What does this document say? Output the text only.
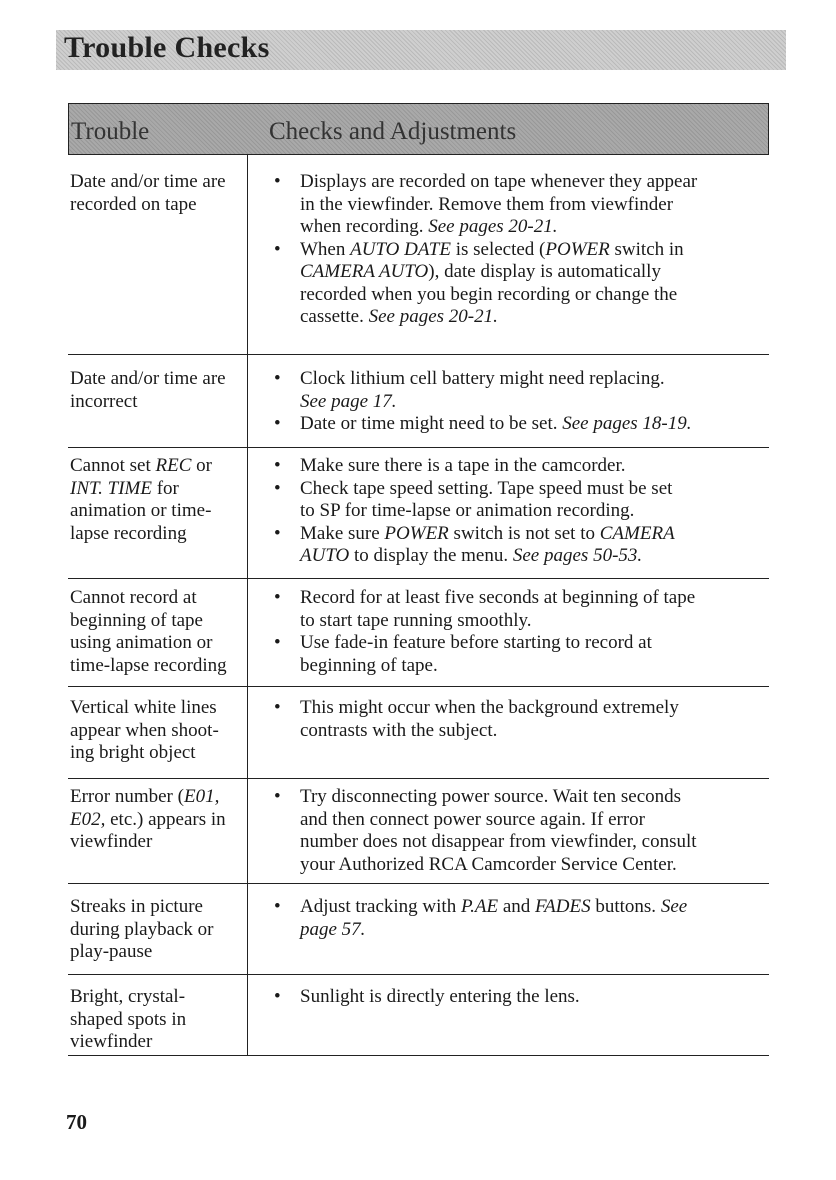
Trouble Checks
Trouble	Checks and Adjustments
Date and/or time are
recorded on tape
• Displays are recorded on tape whenever they appear
in the viewfinder. Remove them from viewfinder
when recording. See pages 20-21.
• When AUTO DATE is selected (POWER switch in
CAMERA AUTO), date display is automatically
recorded when you begin recording or change the
cassette. See pages 20-21.
Date and/or time are
incorrect
• Clock lithium cell battery might need replacing.
See page 17.
• Date or time might need to be set. See pages 18-19.
Cannot set REC or
INT. TIME for
animation or time-
lapse recording
• Make sure there is a tape in the camcorder.
• Check tape speed setting. Tape speed must be set
to SP for time-lapse or animation recording.
• Make sure POWER switch is not set to CAMERA
AUTO to display the menu. See pages 50-53.
Cannot record at
beginning of tape
using animation or
time-lapse recording
• Record for at least five seconds at beginning of tape
to start tape running smoothly.
• Use fade-in feature before starting to record at
beginning of tape.
Vertical white lines
appear when shoot-
ing bright object
• This might occur when the background extremely
contrasts with the subject.
Error number (E01,
E02, etc.) appears in
viewfinder
• Try disconnecting power source. Wait ten seconds
and then connect power source again. If error
number does not disappear from viewfinder, consult
your Authorized RCA Camcorder Service Center.
Streaks in picture
during playback or
play-pause
• Adjust tracking with P.AE and FADES buttons. See
page 57.
Bright, crystal-
shaped spots in
viewfinder
• Sunlight is directly entering the lens.
70
